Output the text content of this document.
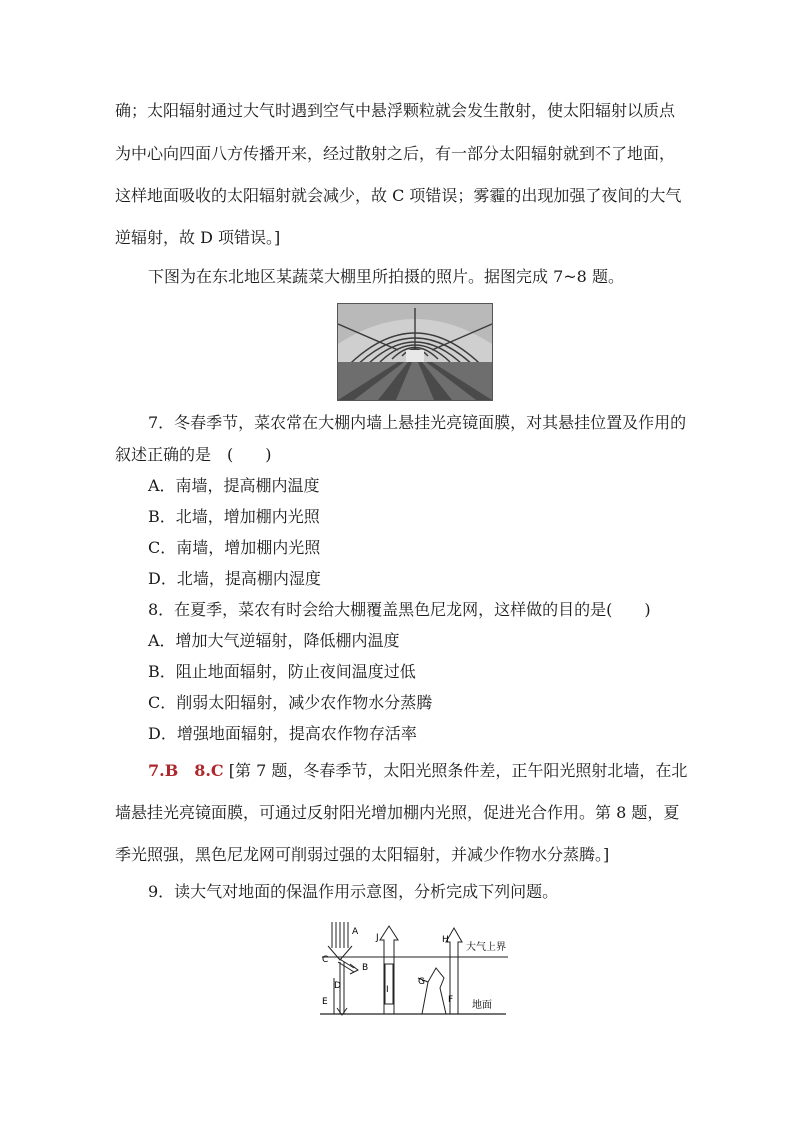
确；太阳辐射通过大气时遇到空气中悬浮颗粒就会发生散射，使太阳辐射以质点
为中心向四面八方传播开来，经过散射之后，有一部分太阳辐射就到不了地面，
这样地面吸收的太阳辐射就会减少，故 C 项错误；雾霾的出现加强了夜间的大气
逆辐射，故 D 项错误。]
下图为在东北地区某蔬菜大棚里所拍摄的照片。据图完成 7~8 题。
7．冬春季节，菜农常在大棚内墙上悬挂光亮镜面膜，对其悬挂位置及作用的
叙述正确的是　(　　)
A．南墙，提高棚内温度
B．北墙，增加棚内光照
C．南墙，增加棚内光照
D．北墙，提高棚内湿度
8．在夏季，菜农有时会给大棚覆盖黑色尼龙网，这样做的目的是(　　)
A．增加大气逆辐射，降低棚内温度
B．阻止地面辐射，防止夜间温度过低
C．削弱太阳辐射，减少农作物水分蒸腾
D．增强地面辐射，提高农作物存活率
7.B　8.C [第 7 题，冬春季节，太阳光照条件差，正午阳光照射北墙，在北
墙悬挂光亮镜面膜，可通过反射阳光增加棚内光照，促进光合作用。第 8 题，夏
季光照强，黑色尼龙网可削弱过强的太阳辐射，并减少作物水分蒸腾。]
9．读大气对地面的保温作用示意图，分析完成下列问题。
A
J	H
大气上界
C
B
D	I
G
E	F 地面
